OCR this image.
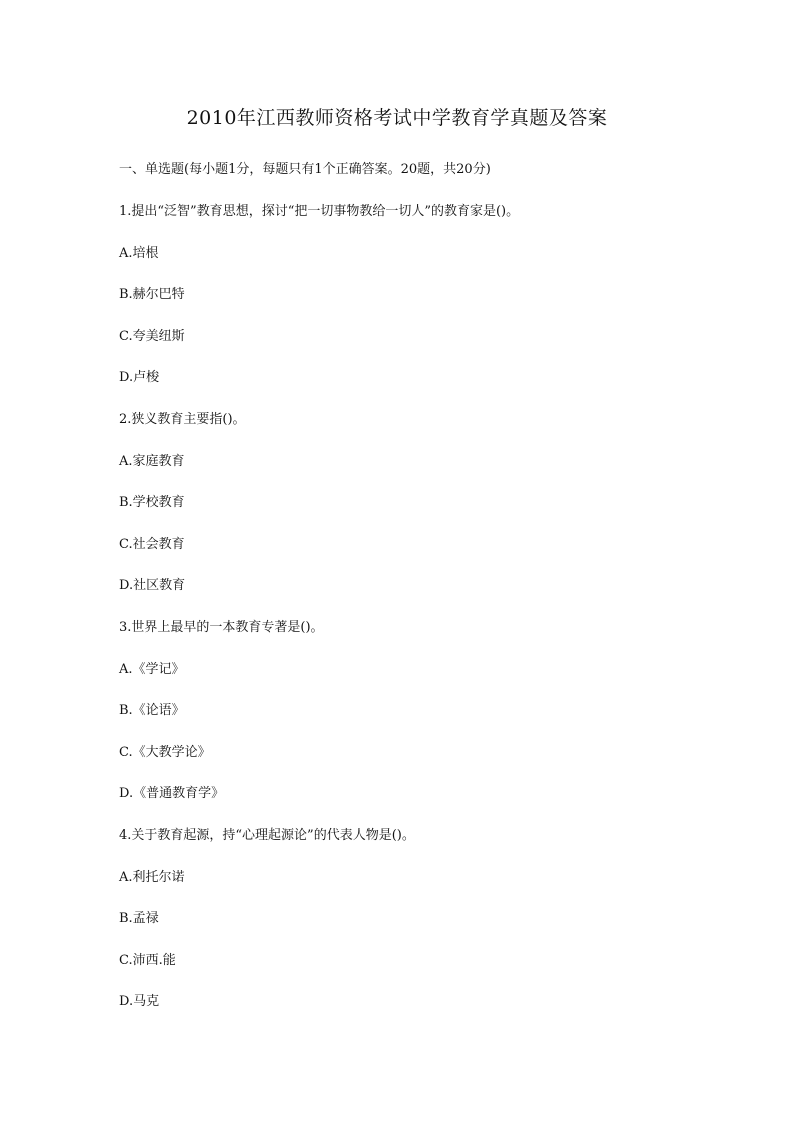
2010年江西教师资格考试中学教育学真题及答案
一、单选题(每小题1分，每题只有1个正确答案。20题，共20分)
1.提出“泛智”教育思想，探讨“把一切事物教给一切人”的教育家是()。
A.培根
B.赫尔巴特
C.夸美纽斯
D.卢梭
2.狭义教育主要指()。
A.家庭教育
B.学校教育
C.社会教育
D.社区教育
3.世界上最早的一本教育专著是()。
A.《学记》
B.《论语》
C.《大教学论》
D.《普通教育学》
4.关于教育起源，持“心理起源论”的代表人物是()。
A.利托尔诺
B.孟禄
C.沛西.能
D.马克
